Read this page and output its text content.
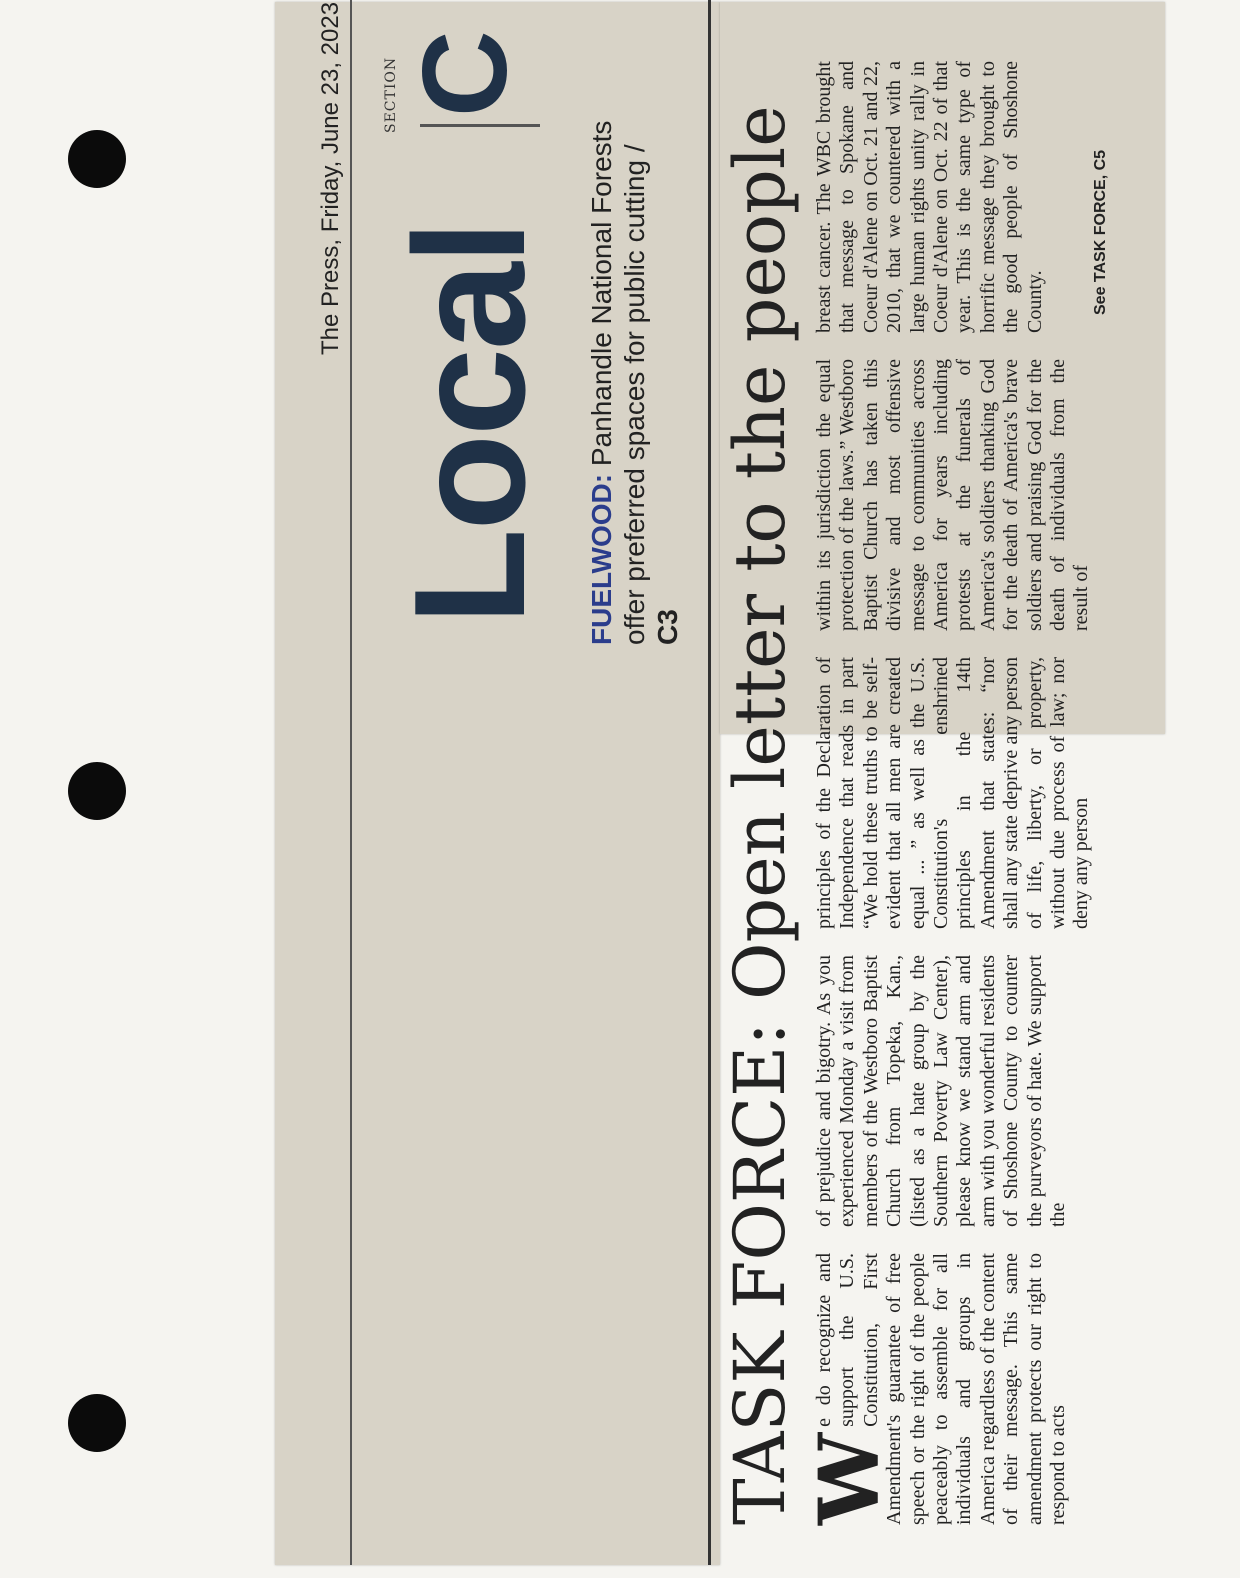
The Press, Friday, June 23, 2023	SECTION C
Local FUELWOOD: Panhandle National Forests offer preferred spaces for public cutting / C3 TASK FORCE: Open letter to the people W
e do recognize and support the U.S. Constitution, First Amendment's guarantee of free speech or the right of the people peaceably to assemble for all individuals and groups in America regardless of the content of their message. This same amendment protects our right to respond to acts
of prejudice and bigotry. As you experienced Monday a visit from members of the Westboro Baptist Church from Topeka, Kan., (listed as a hate group by the Southern Poverty Law Center), please know we stand arm and arm with you wonderful residents of Shoshone County to counter the purveyors of hate. We support the
principles of the Declaration of Independence that reads in part “We hold these truths to be self-evident that all men are created equal ... ” as well as the U.S. Constitution's enshrined principles in the 14th Amendment that states: “nor shall any state deprive any person of life, liberty, or property, without due process of law; nor deny any person
within its jurisdiction the equal protection of the laws.” Westboro Baptist Church has taken this divisive and most offensive message to communities across America for years including protests at the funerals of America's soldiers thanking God for the death of America's brave soldiers and praising God for the death of individuals from the result of
breast cancer. The WBC brought that message to Spokane and Coeur d'Alene on Oct. 21 and 22, 2010, that we countered with a large human rights unity rally in Coeur d'Alene on Oct. 22 of that year. This is the same type of horrific message they brought to the good people of Shoshone County.	See TASK FORCE, C5
